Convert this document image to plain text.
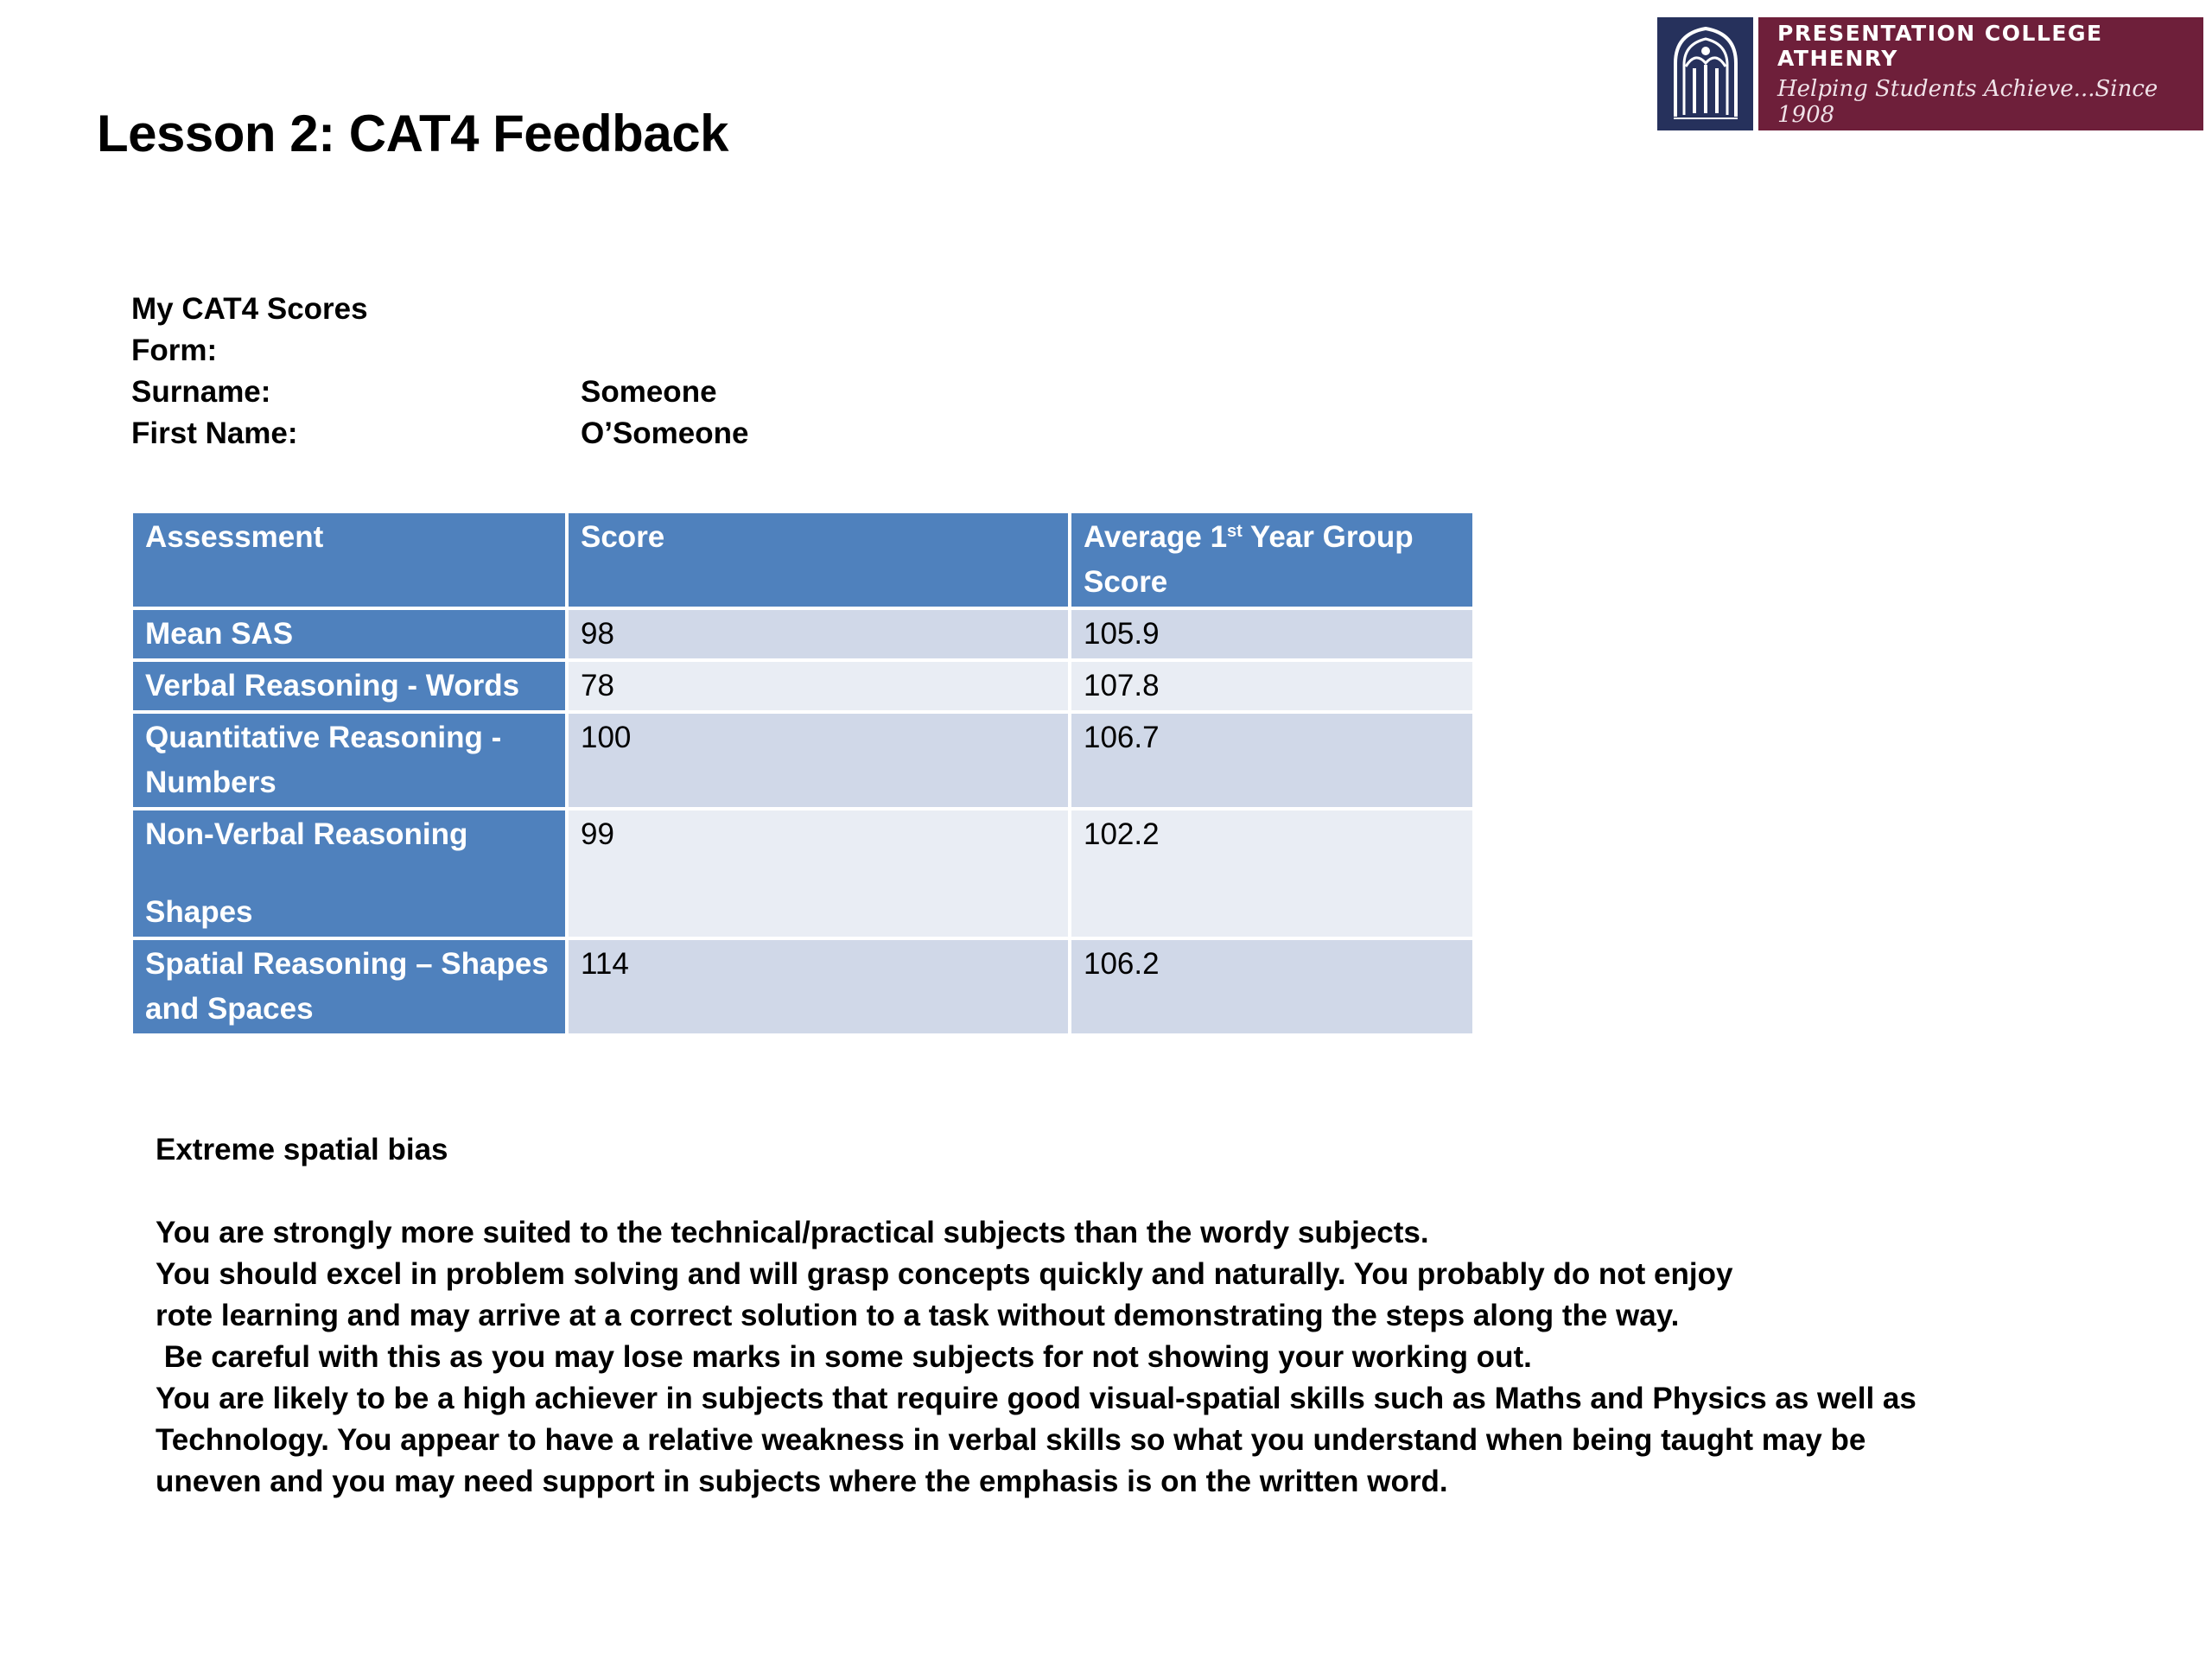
Lesson 2: CAT4 Feedback
PRESENTATION COLLEGE ATHENRY
Helping Students Achieve...Since 1908
My CAT4 Scores
Form:
Surname:	Someone
First Name:	O’Someone
Assessment	Score	Average 1st Year Group Score
Mean SAS	98	105.9
Verbal Reasoning - Words	78	107.8
Quantitative Reasoning - Numbers	100	106.7
Non-Verbal Reasoning
Shapes	99	102.2
Spatial Reasoning – Shapes and Spaces	114	106.2
Extreme spatial bias
You are strongly more suited to the technical/practical subjects than the wordy subjects.
You should excel in problem solving and will grasp concepts quickly and naturally. You probably do not enjoy
rote learning and may arrive at a correct solution to a task without demonstrating the steps along the way.
Be careful with this as you may lose marks in some subjects for not showing your working out.
You are likely to be a high achiever in subjects that require good visual-spatial skills such as Maths and Physics as well as
Technology. You appear to have a relative weakness in verbal skills so what you understand when being taught may be
uneven and you may need support in subjects where the emphasis is on the written word.
